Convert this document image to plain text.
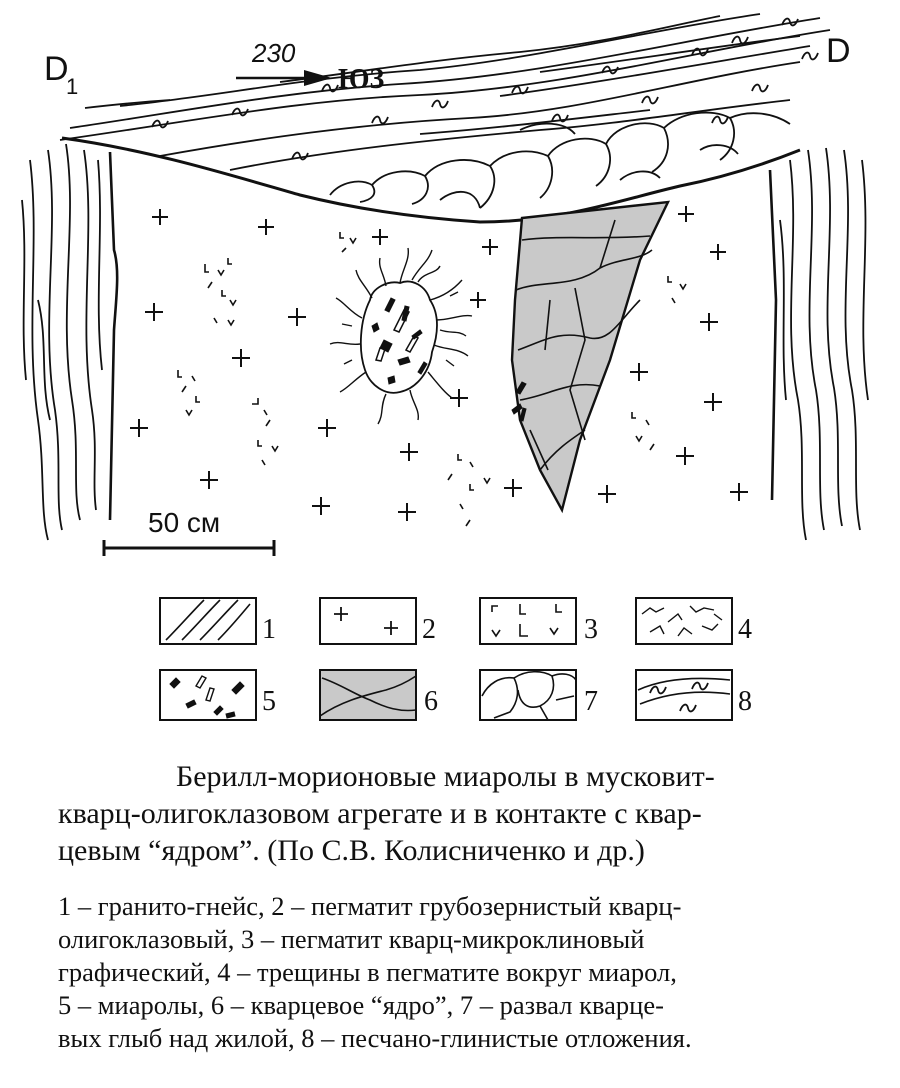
D
1
D
230
ЮЗ
50 см
1	2	3	4
5	6	7	8
Берилл-морионовые миаролы в мусковит-
кварц-олигоклазовом агрегате и в контакте с квар-
цевым “ядром”. (По С.В. Колисниченко и др.)
1 – гранито-гнейс, 2 – пегматит грубозернистый кварц-
олигоклазовый, 3 – пегматит кварц-микроклиновый
графический, 4 – трещины в пегматите вокруг миарол,
5 – миаролы, 6 – кварцевое “ядро”, 7 – развал кварце-
вых глыб над жилой, 8 – песчано-глинистые отложения.
